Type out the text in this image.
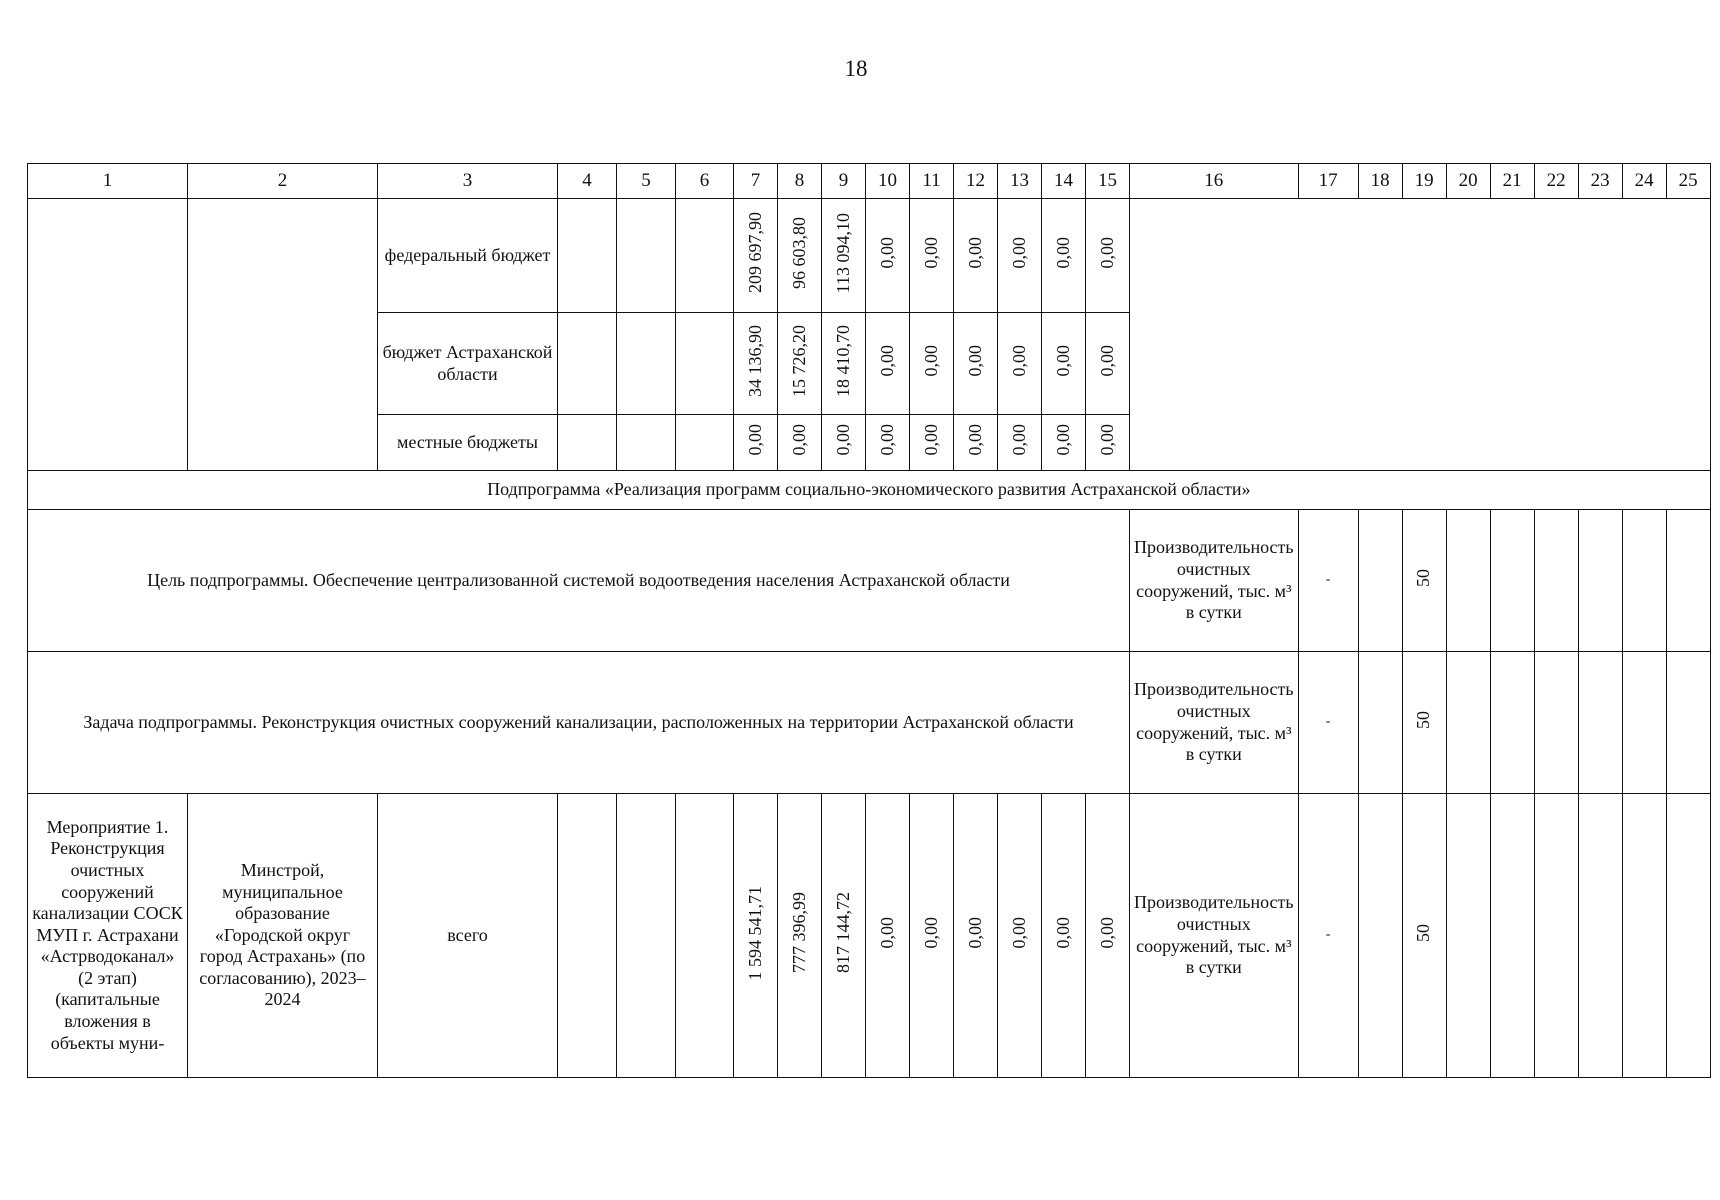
18
1	2	3	4	5	6	7	8	9	10	11	12	13	14	15	16	17	18	19	20	21	22	23	24	25
		федеральный бюджет				209 697,90	96 603,80	113 094,10	0,00	0,00	0,00	0,00	0,00	0,00										
		бюджет Астраханской области				34 136,90	15 726,20	18 410,70	0,00	0,00	0,00	0,00	0,00	0,00										
		местные бюджеты				0,00	0,00	0,00	0,00	0,00	0,00	0,00	0,00	0,00										
Подпрограмма «Реализация программ социально-экономического развития Астраханской области»																								
Цель подпрограммы. Обеспечение централизованной системой водоотведения населения Астраханской области															Производительность очистных сооружений, тыс. м³ в сутки	-		50						
Задача подпрограммы. Реконструкция очистных сооружений канализации, расположенных на территории Астраханской области															Производительность очистных сооружений, тыс. м³ в сутки	-		50						
Мероприятие 1. Реконструкция очистных сооружений канализации СОСК МУП г. Астрахани «Астрводоканал» (2 этап) (капитальные вложения в объекты муни-	Минстрой, муниципальное образование «Городской округ город Астрахань» (по согласованию), 2023–2024	всего				1 594 541,71	777 396,99	817 144,72	0,00	0,00	0,00	0,00	0,00	0,00	Производительность очистных сооружений, тыс. м³ в сутки	-		50						
